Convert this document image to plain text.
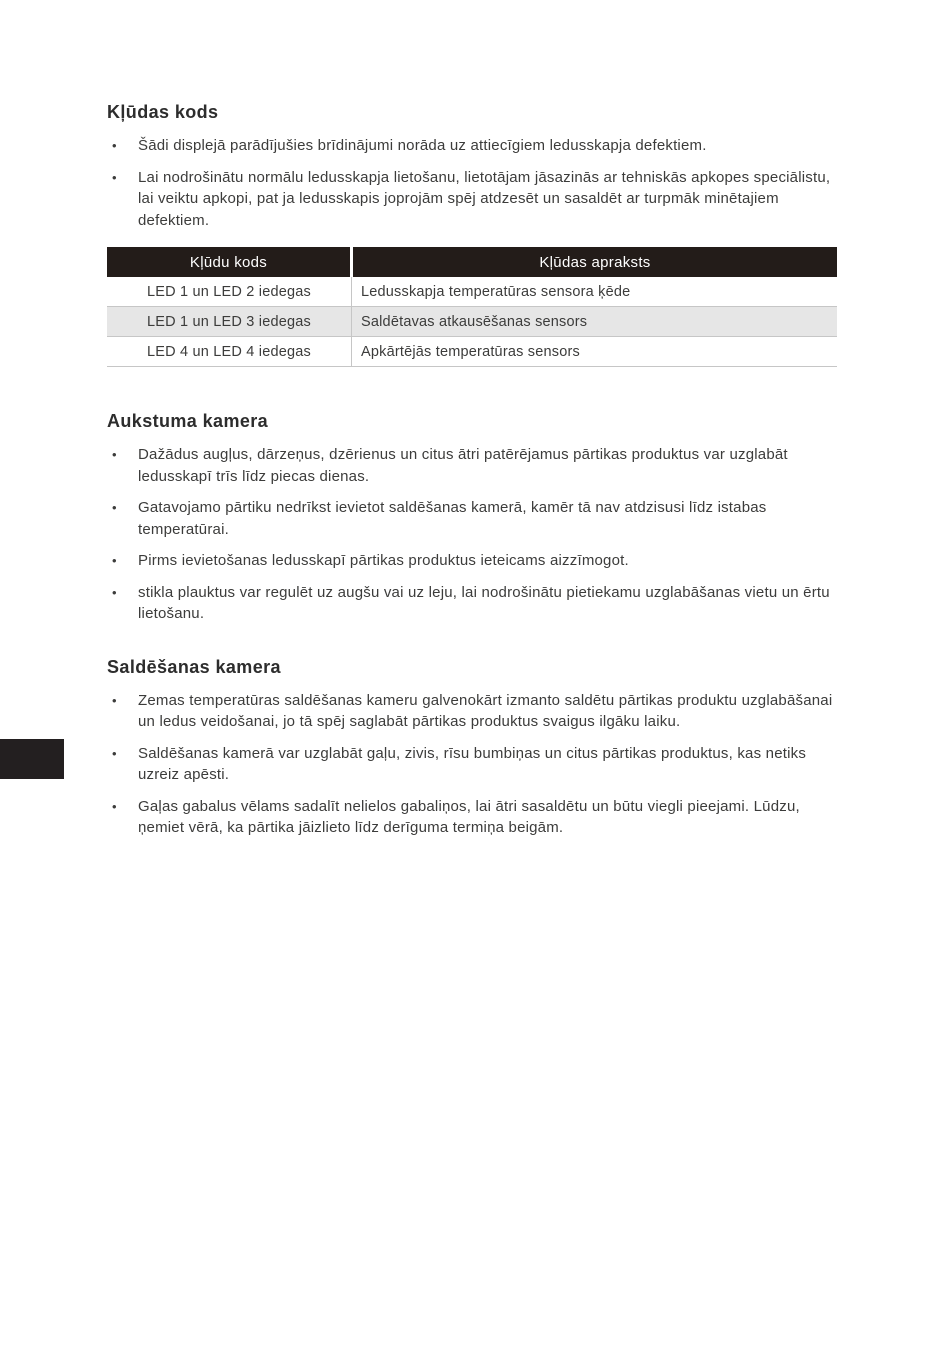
Kļūdas kods
•	Šādi displejā parādījušies brīdinājumi norāda uz attiecīgiem ledusskapja defektiem.
•	Lai nodrošinātu normālu ledusskapja lietošanu, lietotājam jāsazinās ar tehniskās apkopes speciālistu, lai veiktu apkopi, pat ja ledusskapis joprojām spēj atdzesēt un sasaldēt ar turpmāk minētajiem defektiem.
Kļūdu kods	Kļūdas apraksts
LED 1 un LED 2 iedegas	Ledusskapja temperatūras sensora ķēde
LED 1 un LED 3 iedegas	Saldētavas atkausēšanas sensors
LED 4 un LED 4 iedegas	Apkārtējās temperatūras sensors
Aukstuma kamera
•	Dažādus augļus, dārzeņus, dzērienus un citus ātri patērējamus pārtikas produktus var uzglabāt ledusskapī trīs līdz piecas dienas.
•	Gatavojamo pārtiku nedrīkst ievietot saldēšanas kamerā, kamēr tā nav atdzisusi līdz istabas temperatūrai.
•	Pirms ievietošanas ledusskapī pārtikas produktus ieteicams aizzīmogot.
•	stikla plauktus var regulēt uz augšu vai uz leju, lai nodrošinātu pietiekamu uzglabāšanas vietu un ērtu lietošanu.
Saldēšanas kamera
•	Zemas temperatūras saldēšanas kameru galvenokārt izmanto saldētu pārtikas produktu uzglabāšanai un ledus veidošanai, jo tā spēj saglabāt pārtikas produktus svaigus ilgāku laiku.
•	Saldēšanas kamerā var uzglabāt gaļu, zivis, rīsu bumbiņas un citus pārtikas produktus, kas netiks uzreiz apēsti.
•	Gaļas gabalus vēlams sadalīt nelielos gabaliņos, lai ātri sasaldētu un būtu viegli pieejami. Lūdzu, ņemiet vērā, ka pārtika jāizlieto līdz derīguma termiņa beigām.
